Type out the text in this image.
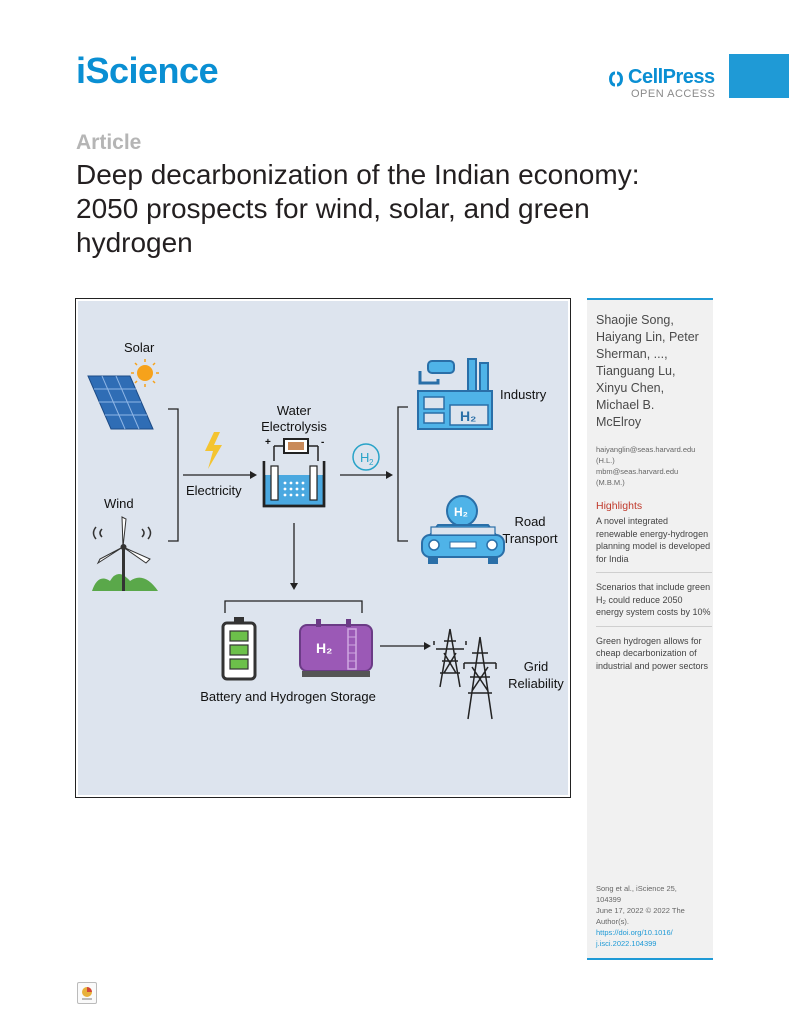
iScience	CellPress
OPEN ACCESS
Article
Deep decarbonization of the Indian economy: 2050 prospects for wind, solar, and green hydrogen
Solar
Wind
Electricity
Water
Electrolysis
+	-
H 2
H₂
Industry
H₂
Road
Transport
H₂
Battery and Hydrogen Storage
Grid
Reliability
Shaojie Song,
Haiyang Lin, Peter
Sherman, ...,
Tianguang Lu,
Xinyu Chen,
Michael B.
McElroy
haiyanglin@seas.harvard.edu
(H.L.)
mbm@seas.harvard.edu
(M.B.M.)
Highlights
A novel integrated renewable energy-hydrogen planning model is developed for India
Scenarios that include green H₂ could reduce 2050 energy system costs by 10%
Green hydrogen allows for cheap decarbonization of industrial and power sectors
Song et al., iScience 25,
104399
June 17, 2022 © 2022 The
Author(s).
https://doi.org/10.1016/
j.isci.2022.104399
